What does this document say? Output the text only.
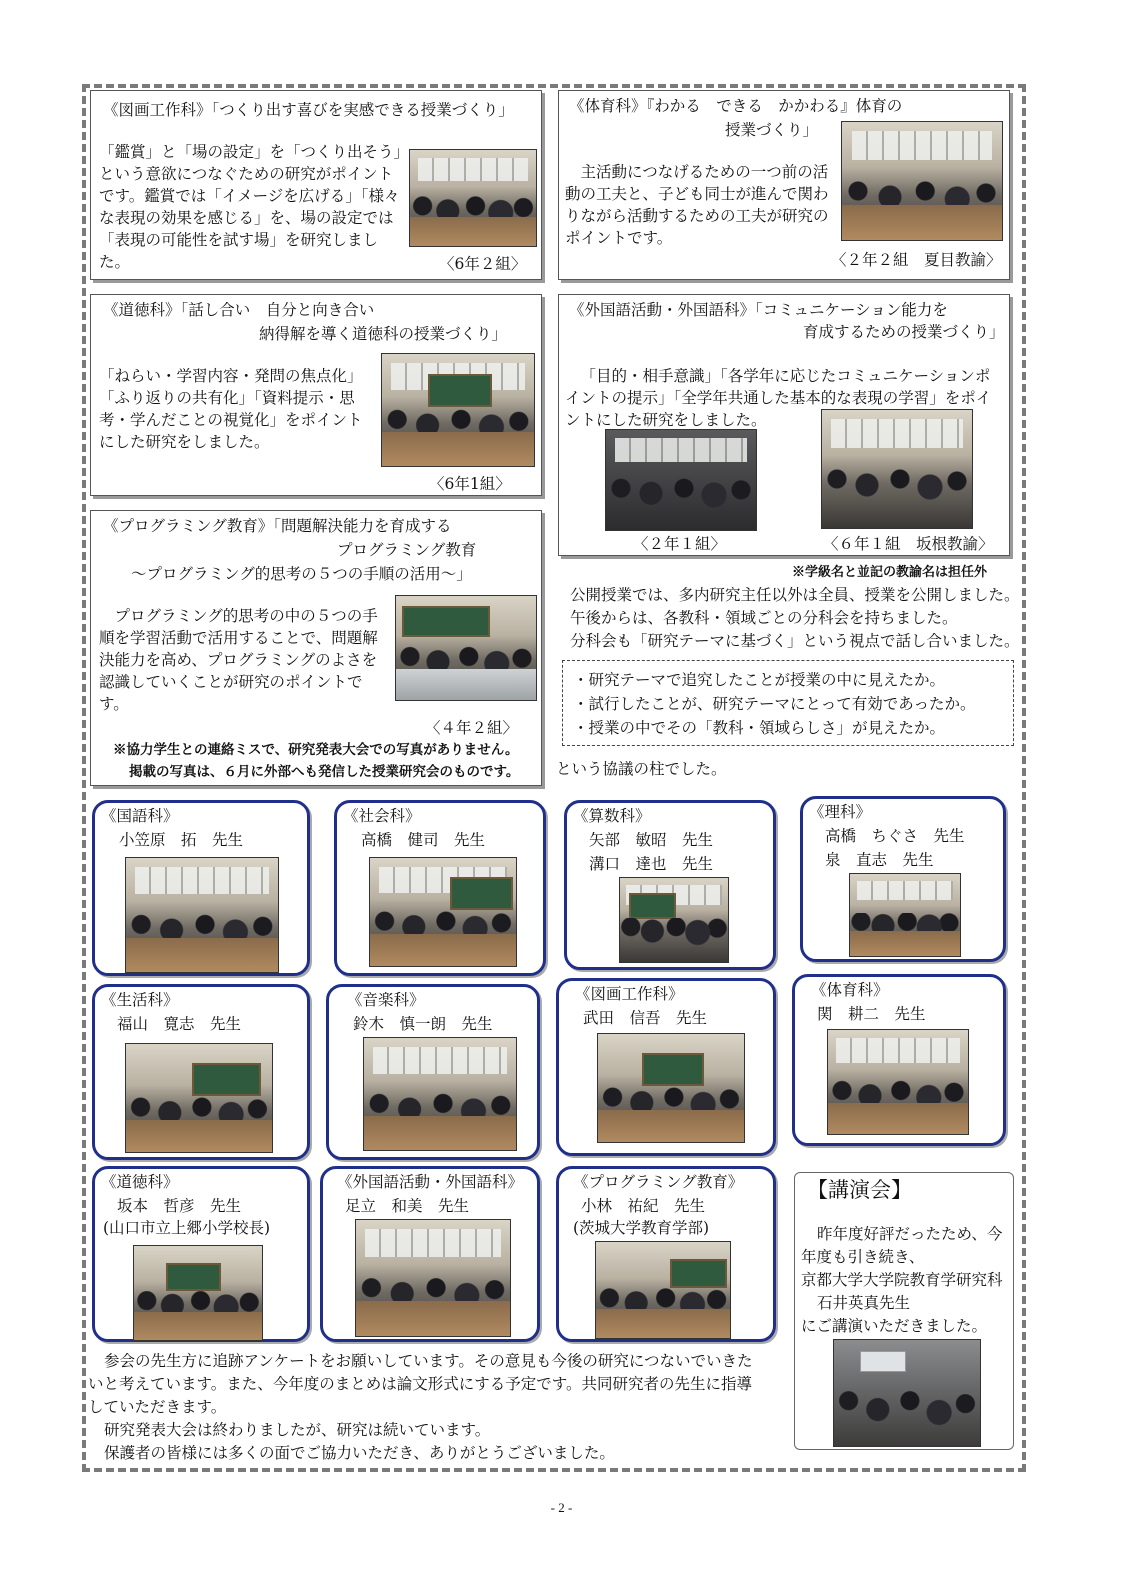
《図画工作科》「つくり出す喜びを実感できる授業づくり」

「鑑賞」と「場の設定」を「つくり出そう」という意欲につなぐための研究がポイントです。鑑賞では「イメージを広げる」「様々な表現の効果を感じる」を、場の設定では「表現の可能性を試す場」を研究しました。	〈6年２組〉

《体育科》『わかる　できる　かかわる』体育の

授業づくり」

主活動につなげるための一つ前の活動の工夫と、子ども同士が進んで関わりながら活動するための工夫が研究のポイントです。

〈２年２組　夏目教諭〉

《道徳科》「話し合い　自分と向き合い

納得解を導く道徳科の授業づくり」

「ねらい・学習内容・発問の焦点化」「ふり返りの共有化」「資料提示・思考・学んだことの視覚化」をポイントにした研究をしました。

〈6年1組〉

《外国語活動・外国語科》「コミュニケーション能力を

育成するための授業づくり」

「目的・相手意識」「各学年に応じたコミュニケーションポイントの提示」「全学年共通した基本的な表現の学習」をポイントにした研究をしました。

〈２年１組〉	〈６年１組　坂根教諭〉

《プログラミング教育》「問題解決能力を育成する

プログラミング教育

～プログラミング的思考の５つの手順の活用～」

プログラミング的思考の中の５つの手順を学習活動で活用することで、問題解決能力を高め、プログラミングのよさを認識していくことが研究のポイントです。

〈４年２組〉

※協力学生との連絡ミスで、研究発表大会での写真がありません。

掲載の写真は、６月に外部へも発信した授業研究会のものです。

※学級名と並記の教諭名は担任外

公開授業では、多内研究主任以外は全員、授業を公開しました。

午後からは、各教科・領域ごとの分科会を持ちました。

分科会も「研究テーマに基づく」という視点で話し合いました。

・研究テーマで追究したことが授業の中に見えたか。

・試行したことが、研究テーマにとって有効であったか。

・授業の中でその「教科・領域らしさ」が見えたか。

という協議の柱でした。

《国語科》

小笠原　拓　先生

《社会科》

高橋　健司　先生

《算数科》

矢部　敏昭　先生

溝口　達也　先生

《理科》

高橋　ちぐさ　先生

泉　直志　先生

《生活科》

福山　寛志　先生

《音楽科》

鈴木　慎一朗　先生

《図画工作科》

武田　信吾　先生

《体育科》

関　耕二　先生

《道徳科》

坂本　哲彦　先生

(山口市立上郷小学校長)

《外国語活動・外国語科》

足立　和美　先生

《プログラミング教育》

小林　祐紀　先生

(茨城大学教育学部)

【講演会】

昨年度好評だったため、今

年度も引き続き、

京都大学大学院教育学研究科

石井英真先生

にご講演いただきました。

参会の先生方に追跡アンケートをお願いしています。その意見も今後の研究につないでいきた

いと考えています。また、今年度のまとめは論文形式にする予定です。共同研究者の先生に指導

していただきます。

研究発表大会は終わりましたが、研究は続いています。

保護者の皆様には多くの面でご協力いただき、ありがとうございました。

- 2 -
